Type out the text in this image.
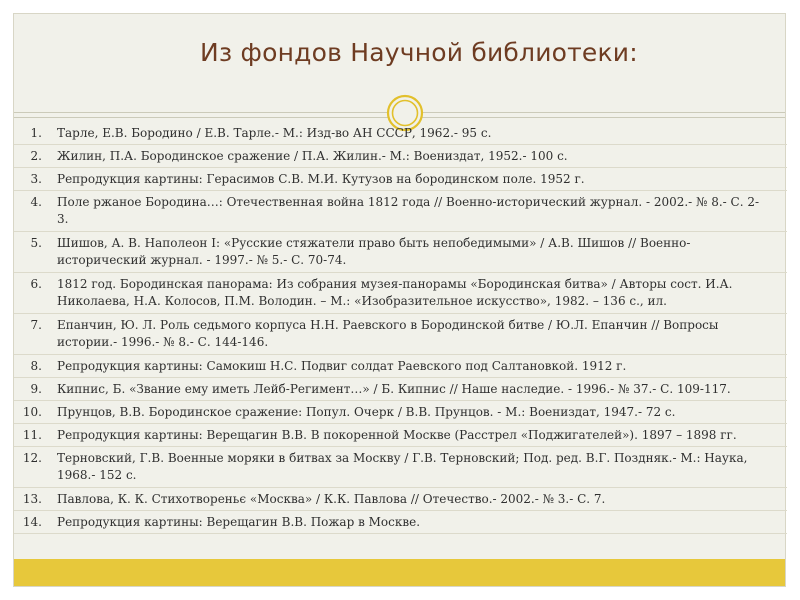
Из фондов Научной библиотеки:
1. Тарле, Е.В. Бородино / Е.В. Тарле.- М.: Изд-во АН СССР, 1962.- 95 с.
2. Жилин, П.А. Бородинское сражение / П.А. Жилин.- М.: Воениздат, 1952.- 100 с.
3. Репродукция картины: Герасимов С.В. М.И. Кутузов на бородинском поле. 1952 г.
4. Поле ржаное Бородина…: Отечественная война 1812 года // Военно-исторический журнал. - 2002.- № 8.- С. 2-3.
5. Шишов, А. В. Наполеон I: «Русские стяжатели право быть непобедимыми» / А.В. Шишов // Военно-исторический журнал. - 1997.- № 5.- С. 70-74.
6. 1812 год. Бородинская панорама: Из собрания музея-панорамы «Бородинская битва» / Авторы сост. И.А. Николаева, Н.А. Колосов, П.М. Володин. – М.: «Изобразительное искусство», 1982. – 136 с., ил.
7. Епанчин, Ю. Л. Роль седьмого корпуса Н.Н. Раевского в Бородинской битве / Ю.Л. Епанчин // Вопросы истории.- 1996.- № 8.- С. 144-146.
8. Репродукция картины: Самокиш Н.С. Подвиг солдат Раевского под Салтановкой. 1912 г.
9. Кипнис, Б. «Звание ему иметь Лейб-Регимент…» / Б. Кипнис // Наше наследие. - 1996.- № 37.- С. 109-117.
10. Прунцов, В.В. Бородинское сражение: Попул. Очерк / В.В. Прунцов. - М.: Воениздат, 1947.- 72 с.
11. Репродукция картины: Верещагин В.В. В покоренной Москве (Расстрел «Поджигателей»). 1897 – 1898 гг.
12. Терновский, Г.В. Военные моряки в битвах за Москву / Г.В. Терновский; Под. ред. В.Г. Поздняк.- М.: Наука, 1968.- 152 с.
13. Павлова, К. К. Стихотвореньє «Москва» / К.К. Павлова // Отечество.- 2002.- № 3.- С. 7.
14. Репродукция картины: Верещагин В.В. Пожар в Москве.
